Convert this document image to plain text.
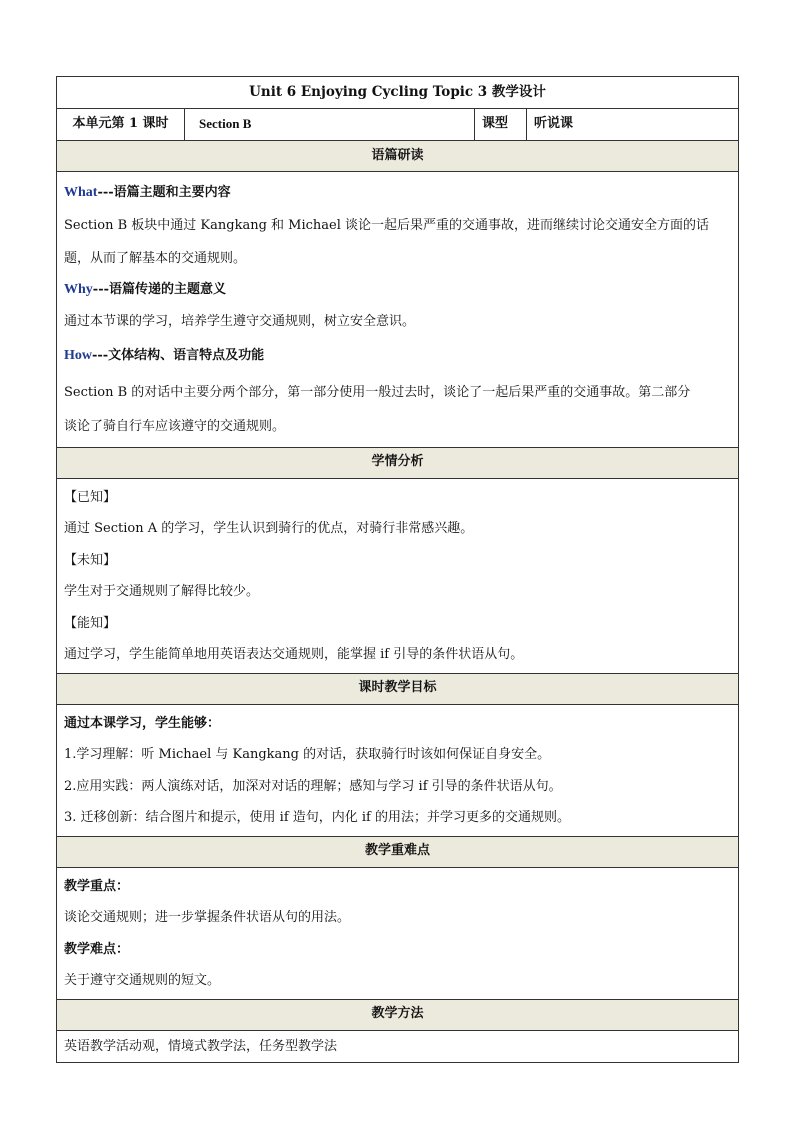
Unit 6 Enjoying Cycling Topic 3 教学设计
本单元第 1 课时	Section B	课型	听说课
语篇研读

What---语篇主题和主要内容
Section B 板块中通过 Kangkang 和 Michael 谈论一起后果严重的交通事故，进而继续讨论交通安全方面的话
题，从而了解基本的交通规则。
Why---语篇传递的主题意义
通过本节课的学习，培养学生遵守交通规则，树立安全意识。
How---文体结构、语言特点及功能
Section B 的对话中主要分两个部分，第一部分使用一般过去时，谈论了一起后果严重的交通事故。第二部分
谈论了骑自行车应该遵守的交通规则。

学情分析

【已知】
通过 Section A 的学习，学生认识到骑行的优点，对骑行非常感兴趣。
【未知】
学生对于交通规则了解得比较少。
【能知】
通过学习，学生能简单地用英语表达交通规则，能掌握 if 引导的条件状语从句。

课时教学目标

通过本课学习，学生能够：
1.学习理解：听 Michael 与 Kangkang 的对话，获取骑行时该如何保证自身安全。
2.应用实践：两人演练对话，加深对对话的理解；感知与学习 if 引导的条件状语从句。
3. 迁移创新：结合图片和提示，使用 if 造句，内化 if 的用法；并学习更多的交通规则。

教学重难点

教学重点：
谈论交通规则；进一步掌握条件状语从句的用法。
教学难点：
关于遵守交通规则的短文。

教学方法

英语教学活动观，情境式教学法，任务型教学法
